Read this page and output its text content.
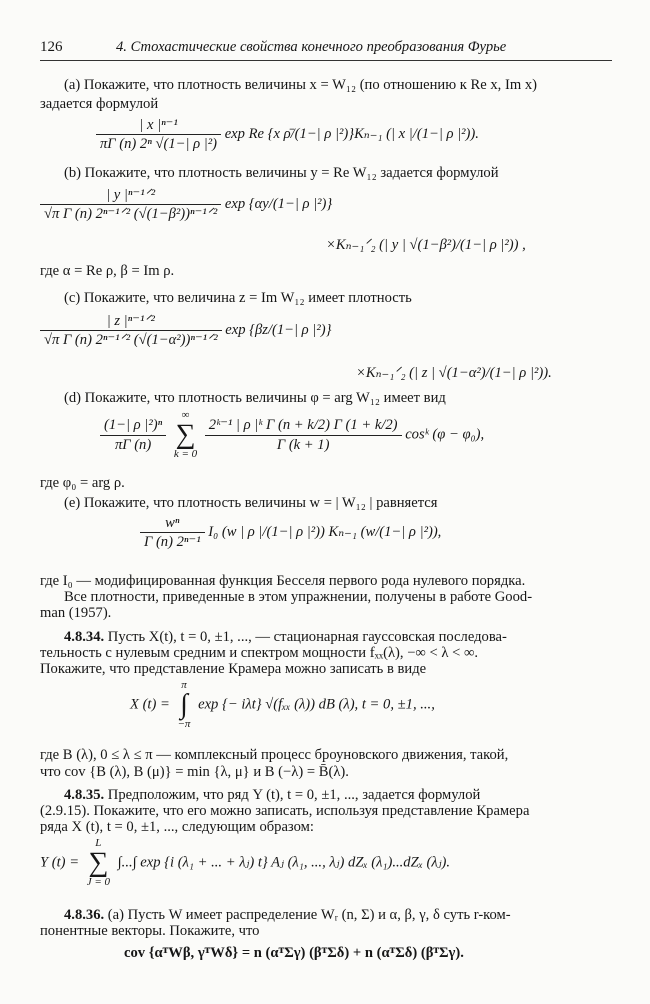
126	4. Стохастические свойства конечного преобразования Фурье
(a) Покажите, что плотность величины x = W₁₂ (по отношению к Re x, Im x)
задается формулой
$\frac{\text{| x |ⁿ⁻¹}}{\text{πΓ (n) 2ⁿ √(1−| ρ |²)}}$ exp Re {x ρ̄/(1−| ρ |²)}Kₙ₋₁ (| x |/(1−| ρ |²)).
(b) Покажите, что плотность величины y = Re W₁₂ задается формулой
$\frac{\text{| y |ⁿ⁻¹ᐟ²}}{\text{√π Γ (n) 2ⁿ⁻¹ᐟ² (√(1−β²))ⁿ⁻¹ᐟ²}}$ exp {αy/(1−| ρ |²)}
×Kₙ₋₁ᐟ₂ (| y | √(1−β²)/(1−| ρ |²)) ,
где α = Re ρ, β = Im ρ.
(c) Покажите, что величина z = Im W₁₂ имеет плотность
$\frac{\text{| z |ⁿ⁻¹ᐟ²}}{\text{√π Γ (n) 2ⁿ⁻¹ᐟ² (√(1−α²))ⁿ⁻¹ᐟ²}}$ exp {βz/(1−| ρ |²)}
×Kₙ₋₁ᐟ₂ (| z | √(1−α²)/(1−| ρ |²)).
(d) Покажите, что плотность величины φ = arg W₁₂ имеет вид
$\frac{\text{(1−| ρ |²)ⁿ}}{\pi\Gamma (n)}$

∞
∑
k = 0

$\frac{\text{2ᵏ⁻¹ | ρ |ᵏ Γ (n + k/2) Γ (1 + k/2)}}{\Gamma (k + 1)}$ cosᵏ (φ − φ₀),
где φ₀ = arg ρ.
(e) Покажите, что плотность величины w = | W₁₂ | равняется
$\frac{\text{wⁿ}}{\text{Γ (n) 2ⁿ⁻¹}} I_0$ (w | ρ |/(1−| ρ |²)) Kₙ₋₁ (w/(1−| ρ |²)),
где I₀ — модифицированная функция Бесселя первого рода нулевого порядка.
Все плотности, приведенные в этом упражнении, получены в работе Good-
man (1957).
4.8.34. Пусть X(t), t = 0, ±1, ..., — стационарная гауссовская последова-
тельность с нулевым средним и спектром мощности fₓₓ(λ), −∞ < λ < ∞.
Покажите, что представление Крамера можно записать в виде
X (t) =
π
∫
−π
exp {− iλt} √(fₓₓ (λ)) dB (λ), t = 0, ±1, ...,
где B (λ), 0 ≤ λ ≤ π — комплексный процесс броуновского движения, такой,
что cov {B (λ), B (μ)} = min {λ, μ} и B (−λ) = B̄(λ).
4.8.35. Предположим, что ряд Y (t), t = 0, ±1, ..., задается формулой
(2.9.15). Покажите, что его можно записать, используя представление Крамера
ряда X (t), t = 0, ±1, ..., следующим образом:
Y (t) =
L
∑
J = 0
∫...∫ exp {i (λ₁ + ... + λⱼ) t} Aⱼ (λ₁, ..., λⱼ) dZₓ (λ₁)...dZₓ (λⱼ).
4.8.36. (a) Пусть W имеет распределение Wᵣ (n, Σ) и α, β, γ, δ суть r-ком-
понентные векторы. Покажите, что
cov {αᵀWβ, γᵀWδ} = n (αᵀΣγ) (βᵀΣδ) + n (αᵀΣδ) (βᵀΣγ).
